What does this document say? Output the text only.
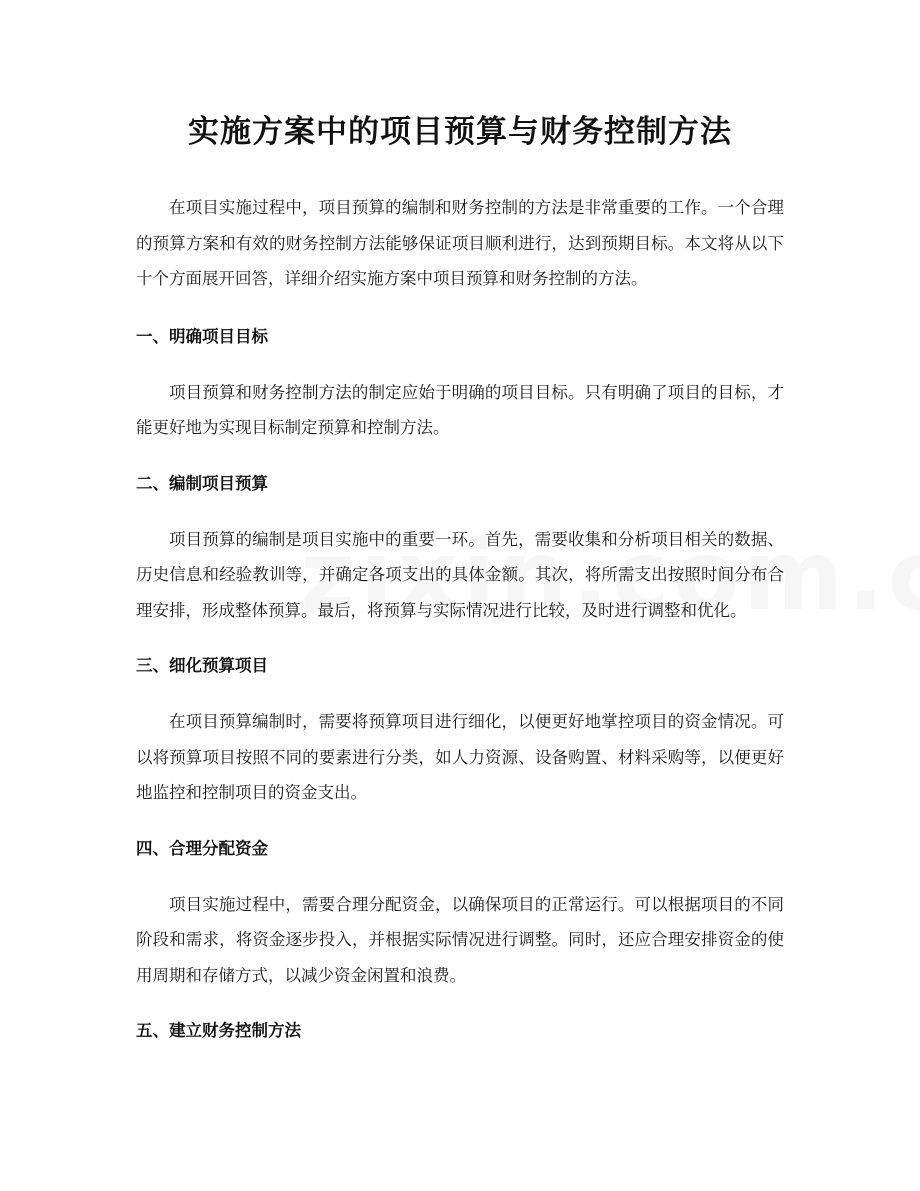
实施方案中的项目预算与财务控制方法

在项目实施过程中，项目预算的编制和财务控制的方法是非常重要的工作。一个合理的预算方案和有效的财务控制方法能够保证项目顺利进行，达到预期目标。本文将从以下十个方面展开回答，详细介绍实施方案中项目预算和财务控制的方法。

一、明确项目目标

项目预算和财务控制方法的制定应始于明确的项目目标。只有明确了项目的目标，才能更好地为实现目标制定预算和控制方法。

二、编制项目预算

项目预算的编制是项目实施中的重要一环。首先，需要收集和分析项目相关的数据、历史信息和经验教训等，并确定各项支出的具体金额。其次，将所需支出按照时间分布合理安排，形成整体预算。最后，将预算与实际情况进行比较，及时进行调整和优化。

三、细化预算项目

在项目预算编制时，需要将预算项目进行细化，以便更好地掌控项目的资金情况。可以将预算项目按照不同的要素进行分类，如人力资源、设备购置、材料采购等，以便更好地监控和控制项目的资金支出。

四、合理分配资金

项目实施过程中，需要合理分配资金，以确保项目的正常运行。可以根据项目的不同阶段和需求，将资金逐步投入，并根据实际情况进行调整。同时，还应合理安排资金的使用周期和存储方式，以减少资金闲置和浪费。

五、建立财务控制方法
